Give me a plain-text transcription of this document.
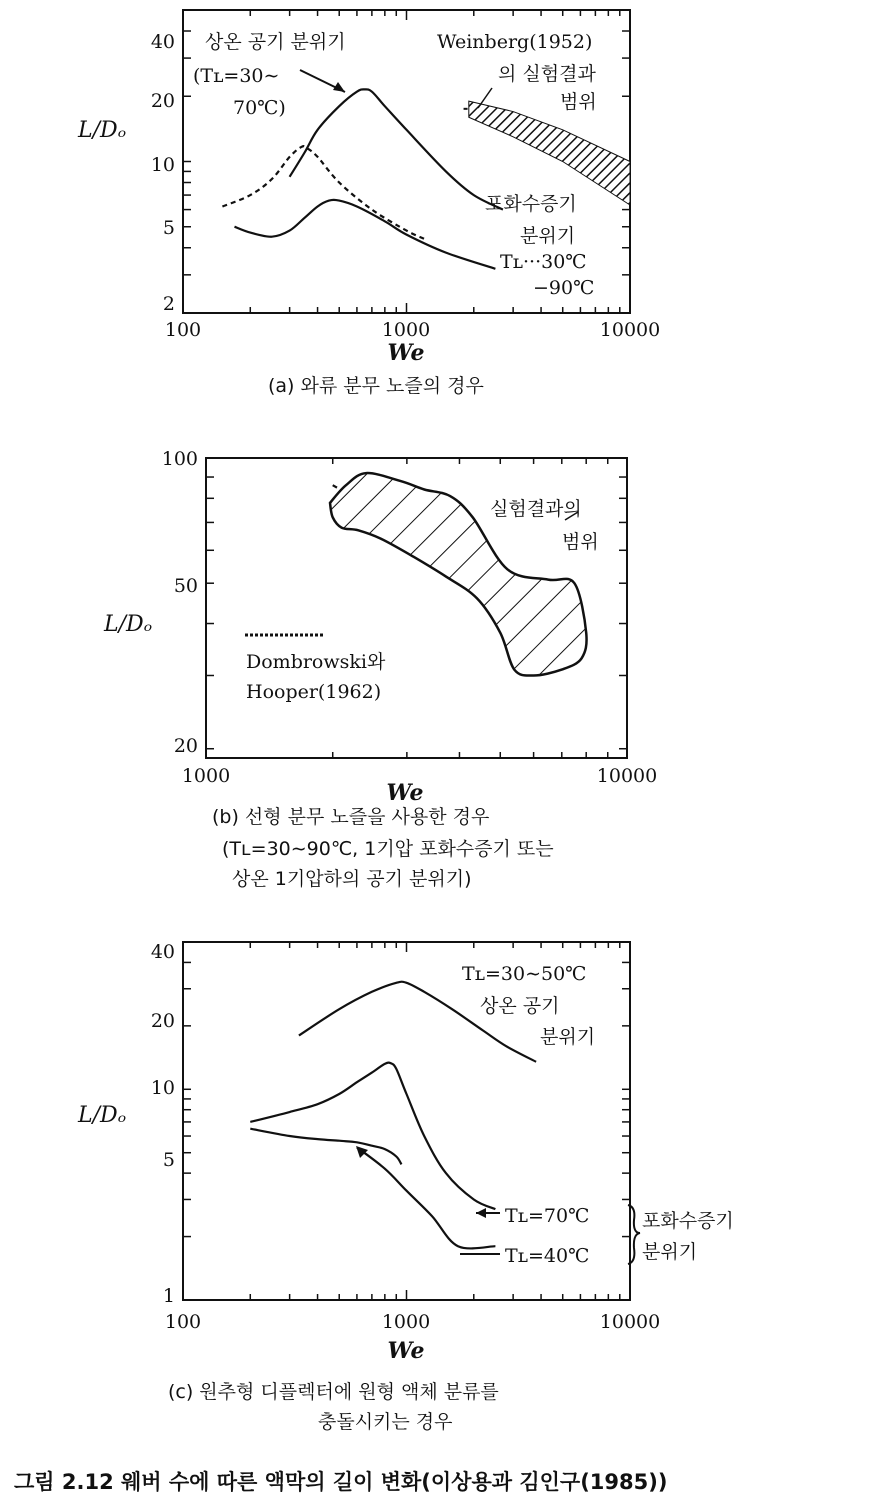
40
20
10
5
2
100	1000	10000
L/Dₒ
We
상온 공기 분위기
(Tʟ=30∼
70℃)
Weinberg(1952)
의 실험결과
범위
포화수증기
분위기
Tʟ···30℃
−90℃
(a) 와류 분무 노즐의 경우
100
50
20
1000	10000
L/Dₒ
We
실험결과의
범위
Dombrowski와
Hooper(1962)
(b) 선형 분무 노즐을 사용한 경우
(Tʟ=30∼90℃, 1기압 포화수증기 또는
상온 1기압하의 공기 분위기)
40
20
10
5
1
100	1000	10000
L/Dₒ
We
Tʟ=30∼50℃
상온 공기
분위기
Tʟ=70℃
Tʟ=40℃
포화수증기
분위기
(c) 원추형 디플렉터에 원형 액체 분류를
충돌시키는 경우
그림 2.12 웨버 수에 따른 액막의 길이 변화(이상용과 김인구(1985))
